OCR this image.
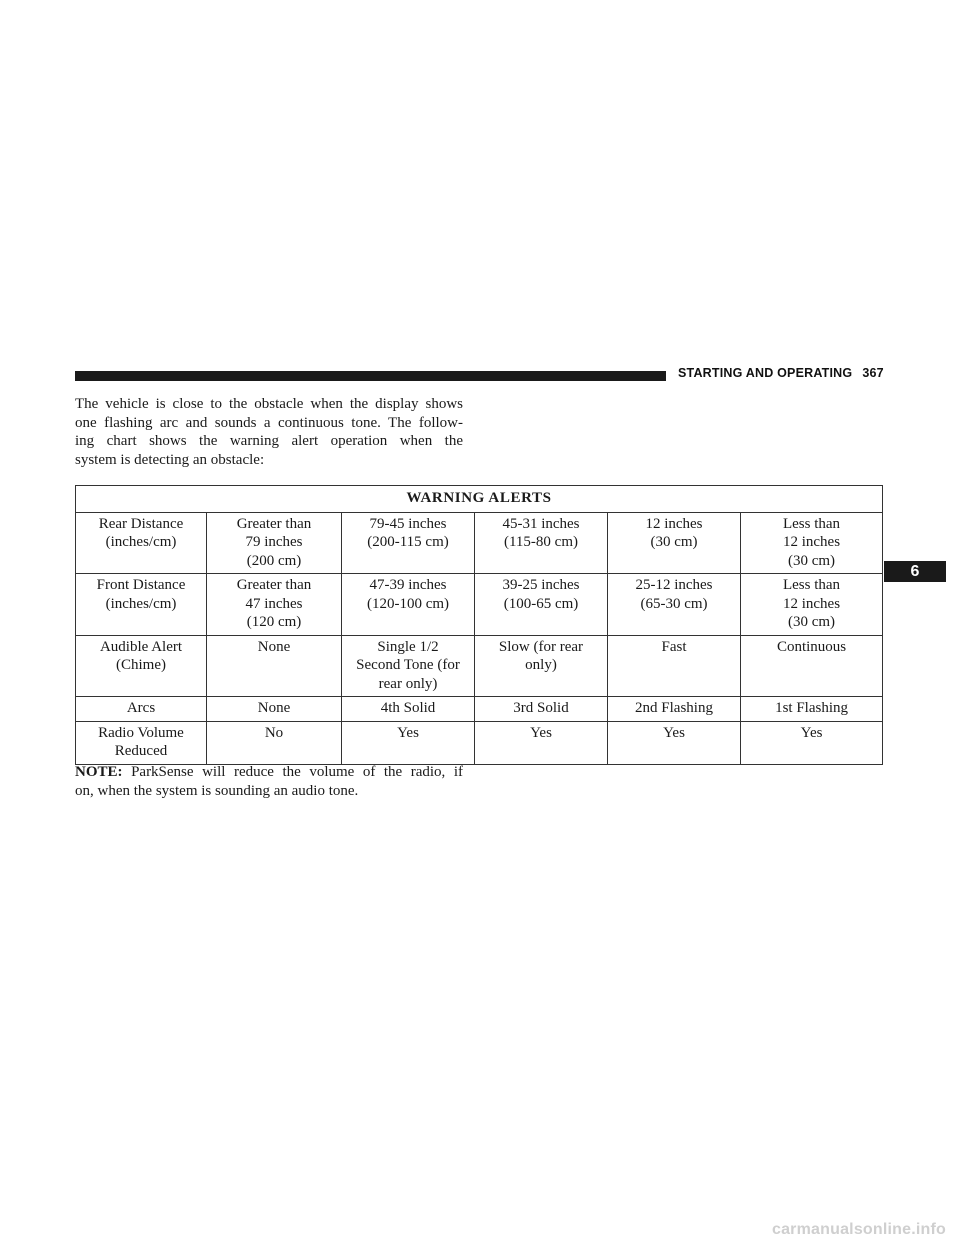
STARTING AND OPERATING 367
The vehicle is close to the obstacle when the display shows
one flashing arc and sounds a continuous tone. The follow-
ing chart shows the warning alert operation when the
system is detecting an obstacle:
WARNING ALERTS					
Rear Distance
(inches/cm)	Greater than
79 inches
(200 cm)	79-45 inches
(200-115 cm)	45-31 inches
(115-80 cm)	12 inches
(30 cm)	Less than
12 inches
(30 cm)
Front Distance
(inches/cm)	Greater than
47 inches
(120 cm)	47-39 inches
(120-100 cm)	39-25 inches
(100-65 cm)	25-12 inches
(65-30 cm)	Less than
12 inches
(30 cm)
Audible Alert
(Chime)	None	Single 1/2
Second Tone (for
rear only)	Slow (for rear
only)	Fast	Continuous
Arcs	None	4th Solid	3rd Solid	2nd Flashing	1st Flashing
Radio Volume
Reduced	No	Yes	Yes	Yes	Yes
NOTE: ParkSense will reduce the volume of the radio, if
on, when the system is sounding an audio tone.
6
carmanualsonline.info
